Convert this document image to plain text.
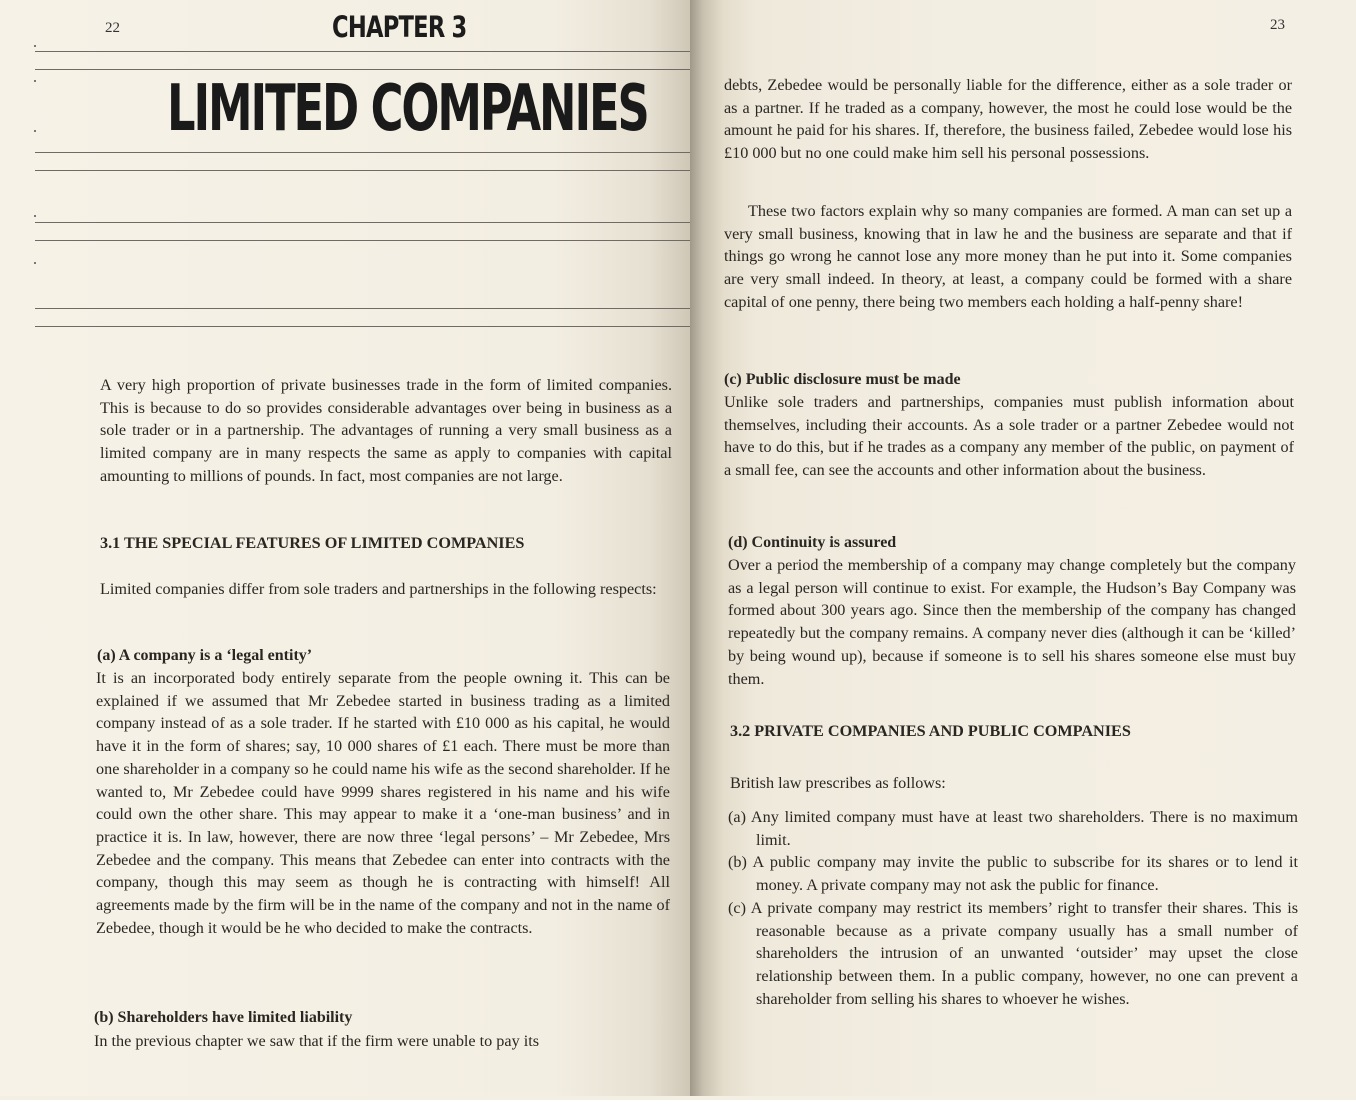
22	CHAPTER 3
LIMITED COMPANIES

A very high proportion of private businesses trade in the form of limited companies. This is because to do so provides considerable advantages over being in business as a sole trader or in a partnership. The advantages of running a very small business as a limited company are in many respects the same as apply to companies with capital amounting to millions of pounds. In fact, most companies are not large.

3.1 THE SPECIAL FEATURES OF LIMITED COMPANIES

Limited companies differ from sole traders and partnerships in the following respects:

(a) A company is a ‘legal entity’

It is an incorporated body entirely separate from the people owning it. This can be explained if we assumed that Mr Zebedee started in business trading as a limited company instead of as a sole trader. If he started with £10 000 as his capital, he would have it in the form of shares; say, 10 000 shares of £1 each. There must be more than one shareholder in a company so he could name his wife as the second shareholder. If he wanted to, Mr Zebedee could have 9999 shares registered in his name and his wife could own the other share. This may appear to make it a ‘one-man business’ and in practice it is. In law, however, there are now three ‘legal persons’ – Mr Zebedee, Mrs Zebedee and the company. This means that Zebedee can enter into contracts with the company, though this may seem as though he is contracting with himself! All agreements made by the firm will be in the name of the company and not in the name of Zebedee, though it would be he who decided to make the contracts.

(b) Shareholders have limited liability

In the previous chapter we saw that if the firm were unable to pay its

23

debts, Zebedee would be personally liable for the difference, either as a sole trader or as a partner. If he traded as a company, however, the most he could lose would be the amount he paid for his shares. If, therefore, the business failed, Zebedee would lose his £10 000 but no one could make him sell his personal possessions.

These two factors explain why so many companies are formed. A man can set up a very small business, knowing that in law he and the business are separate and that if things go wrong he cannot lose any more money than he put into it. Some companies are very small indeed. In theory, at least, a company could be formed with a share capital of one penny, there being two members each holding a half-penny share!

(c) Public disclosure must be made

Unlike sole traders and partnerships, companies must publish information about themselves, including their accounts. As a sole trader or a partner Zebedee would not have to do this, but if he trades as a company any member of the public, on payment of a small fee, can see the accounts and other information about the business.

(d) Continuity is assured

Over a period the membership of a company may change completely but the company as a legal person will continue to exist. For example, the Hudson’s Bay Company was formed about 300 years ago. Since then the membership of the company has changed repeatedly but the company remains. A company never dies (although it can be ‘killed’ by being wound up), because if someone is to sell his shares someone else must buy them.

3.2 PRIVATE COMPANIES AND PUBLIC COMPANIES

British law prescribes as follows:

(a) Any limited company must have at least two shareholders. There is no maximum limit.
(b) A public company may invite the public to subscribe for its shares or to lend it money. A private company may not ask the public for finance.
(c) A private company may restrict its members’ right to transfer their shares. This is reasonable because as a private company usually has a small number of shareholders the intrusion of an unwanted ‘outsider’ may upset the close relationship between them. In a public company, however, no one can prevent a shareholder from selling his shares to whoever he wishes.
